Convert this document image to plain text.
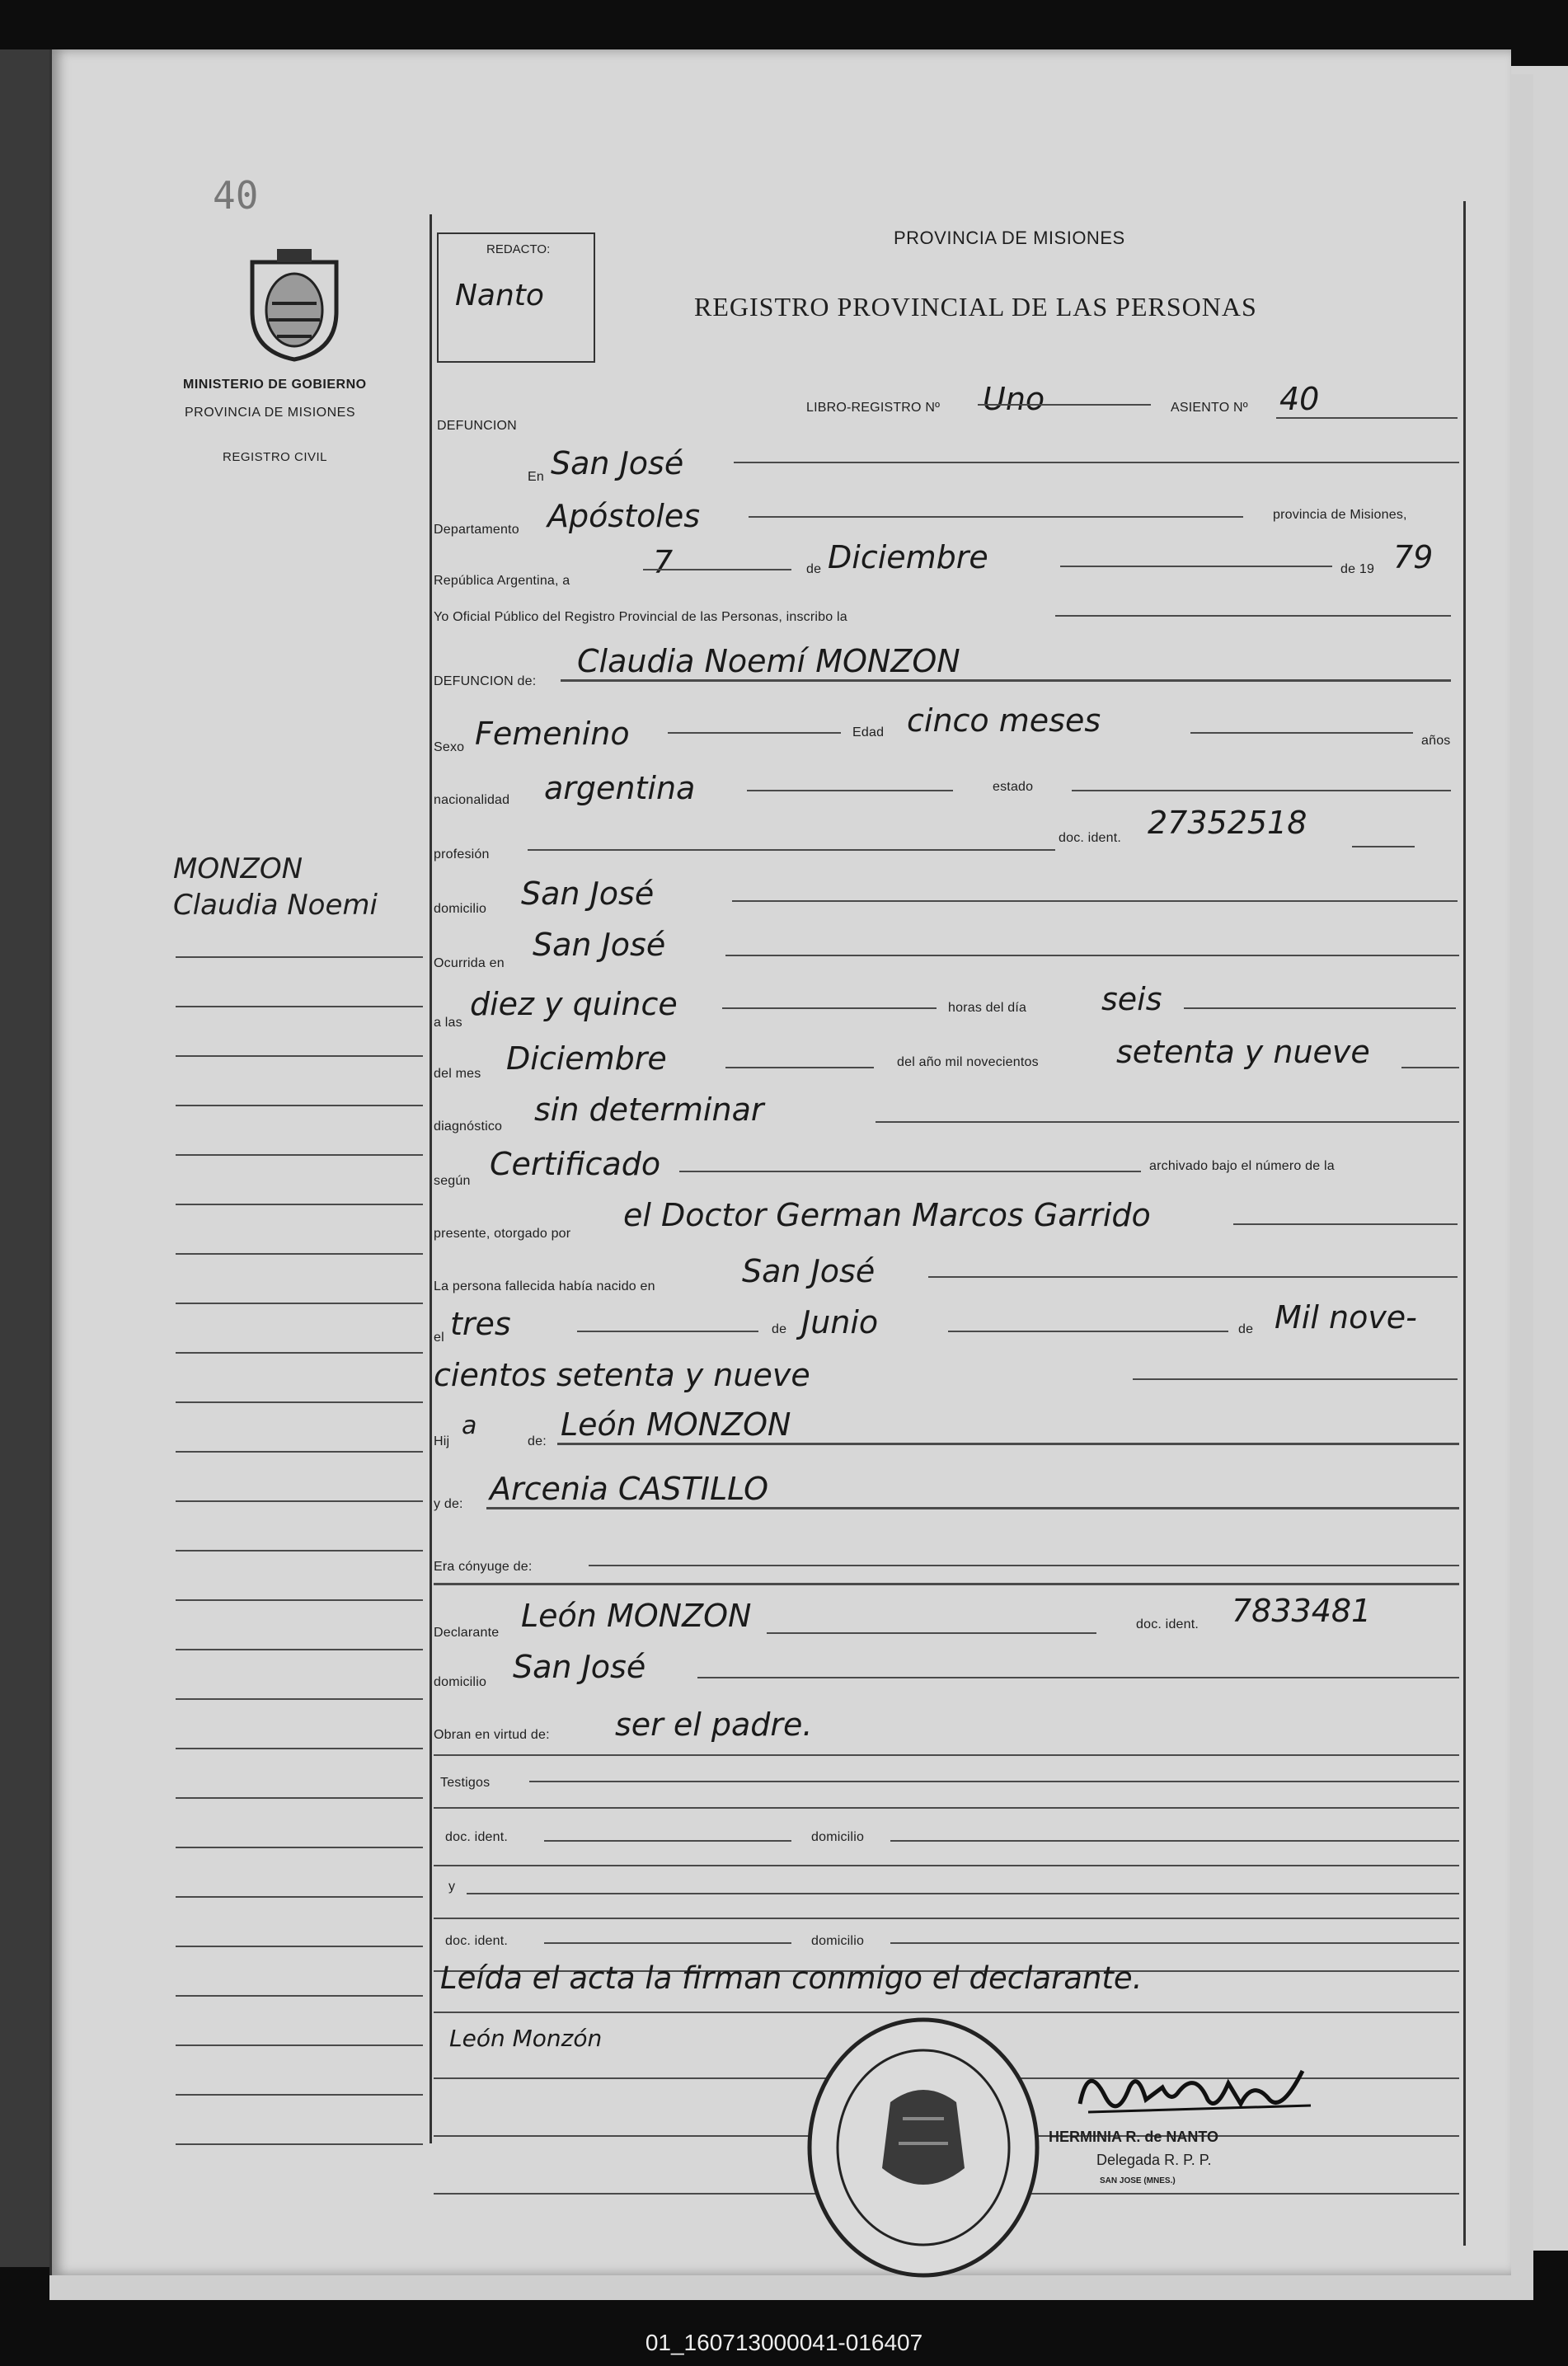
40
MINISTERIO DE GOBIERNO
PROVINCIA DE MISIONES
REGISTRO CIVIL
MONZON
Claudia Noemi
REDACTO:
Nanto
PROVINCIA DE MISIONES
REGISTRO PROVINCIAL DE LAS PERSONAS
DEFUNCION
LIBRO-REGISTRO Nº Uno	ASIENTO Nº 40
En San José
Departamento Apóstoles	provincia de Misiones,
República Argentina, a
7	de Diciembre	de 19 79
Yo Oficial Público del Registro Provincial de las Personas, inscribo la
DEFUNCION de:
Claudia Noemí MONZON
Sexo Femenino	Edad cinco meses
años
nacionalidad argentina	estado
profesión
doc. ident. 27352518
domicilio San José
Ocurrida en
San José
a las
diez y quince	horas del día seis
del mes Diciembre	del año mil novecientos setenta y nueve
diagnóstico sin determinar
según Certificado	archivado bajo el número de la
presente, otorgado por
el Doctor German Marcos Garrido
La persona fallecida había nacido en	San José
el tres	de Junio	de Mil nove-
cientos setenta y nueve
Hij
a
de: León MONZON
y de: Arcenia CASTILLO
Era cónyuge de:
Declarante León MONZON	doc. ident. 7833481
domicilio San José
Obran en virtud de: ser el padre.
Testigos
doc. ident.	domicilio
y
doc. ident.	domicilio
Leída el acta la firman conmigo el declarante.
León Monzón
HERMINIA R. de NANTO
Delegada R. P. P.
SAN JOSE (MNES.)
01_160713000041-016407
